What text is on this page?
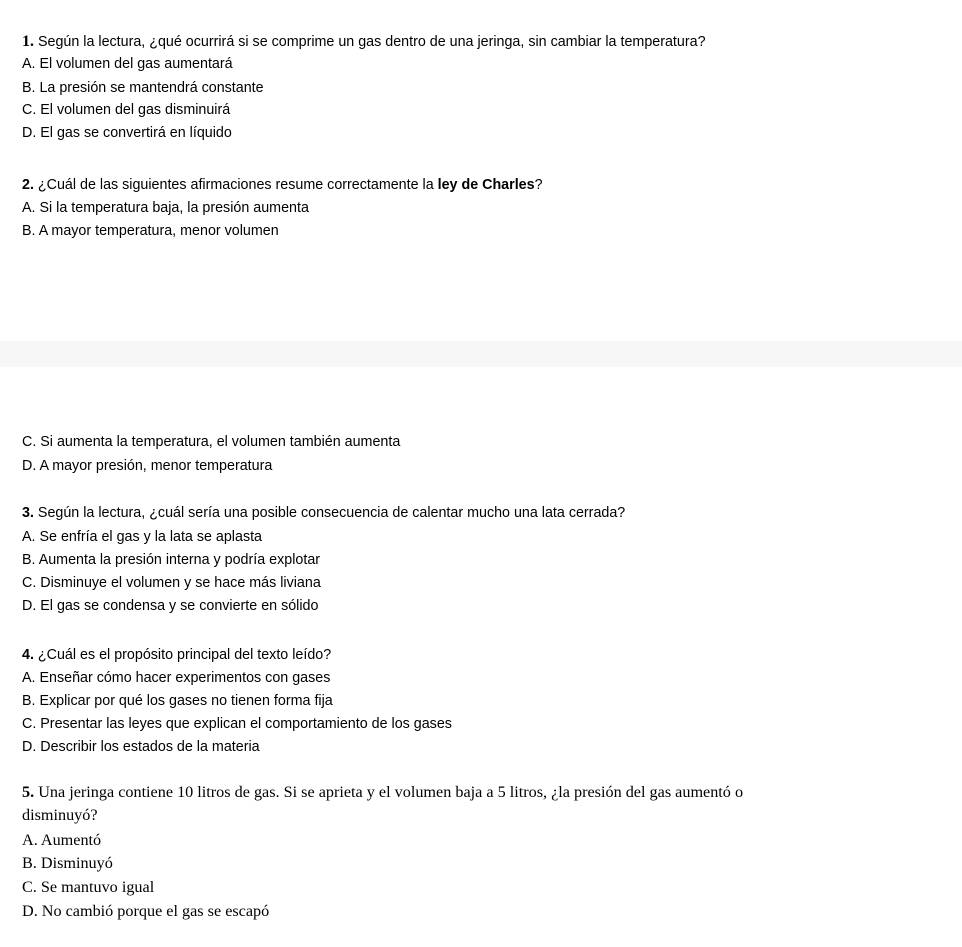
1. Según la lectura, ¿qué ocurrirá si se comprime un gas dentro de una jeringa, sin cambiar la temperatura?
A. El volumen del gas aumentará
B. La presión se mantendrá constante
C. El volumen del gas disminuirá
D. El gas se convertirá en líquido
2. ¿Cuál de las siguientes afirmaciones resume correctamente la ley de Charles?
A. Si la temperatura baja, la presión aumenta
B. A mayor temperatura, menor volumen
C. Si aumenta la temperatura, el volumen también aumenta
D. A mayor presión, menor temperatura
3. Según la lectura, ¿cuál sería una posible consecuencia de calentar mucho una lata cerrada?
A. Se enfría el gas y la lata se aplasta
B. Aumenta la presión interna y podría explotar
C. Disminuye el volumen y se hace más liviana
D. El gas se condensa y se convierte en sólido
4. ¿Cuál es el propósito principal del texto leído?
A. Enseñar cómo hacer experimentos con gases
B. Explicar por qué los gases no tienen forma fija
C. Presentar las leyes que explican el comportamiento de los gases
D. Describir los estados de la materia
5. Una jeringa contiene 10 litros de gas. Si se aprieta y el volumen baja a 5 litros, ¿la presión del gas aumentó o
disminuyó?
A. Aumentó
B. Disminuyó
C. Se mantuvo igual
D. No cambió porque el gas se escapó
